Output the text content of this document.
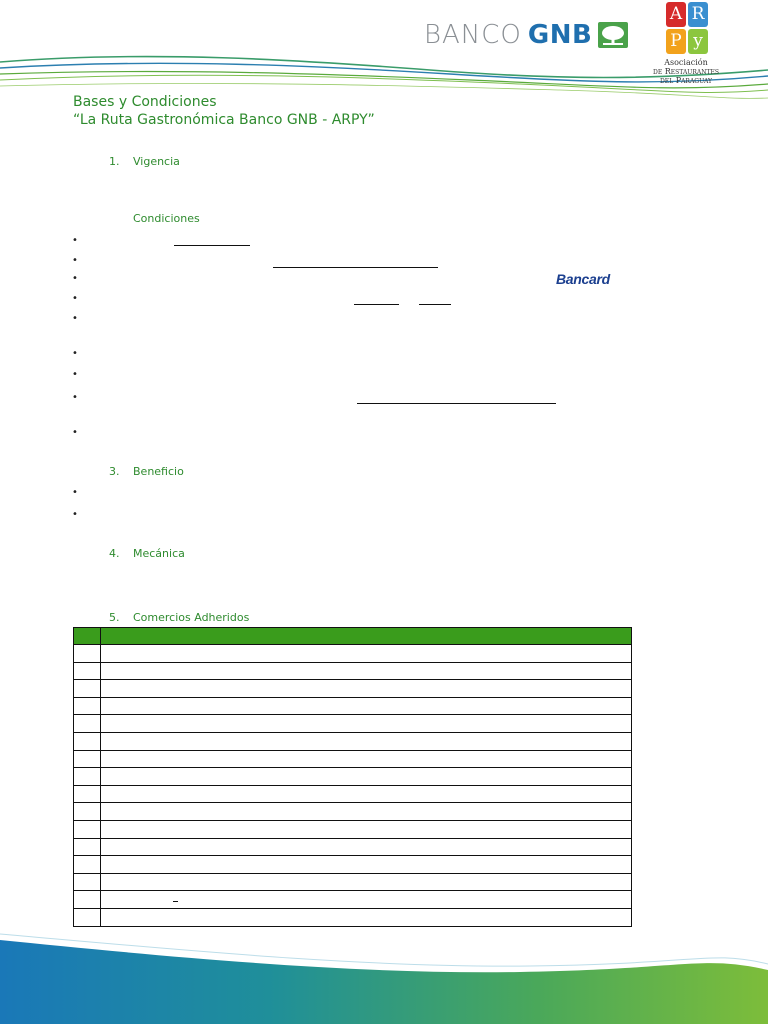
BANCO GNB
A R
P y
Asociación
de Restaurantes
del Paraguay
Bases y Condiciones
“La Ruta Gastronómica Banco GNB - ARPY”
1. Vigencia
Condiciones
•
•
•	Bancard
•
•
•
•
•
•
3. Beneficio
•
•
4. Mecánica
5. Comercios Adheridos
